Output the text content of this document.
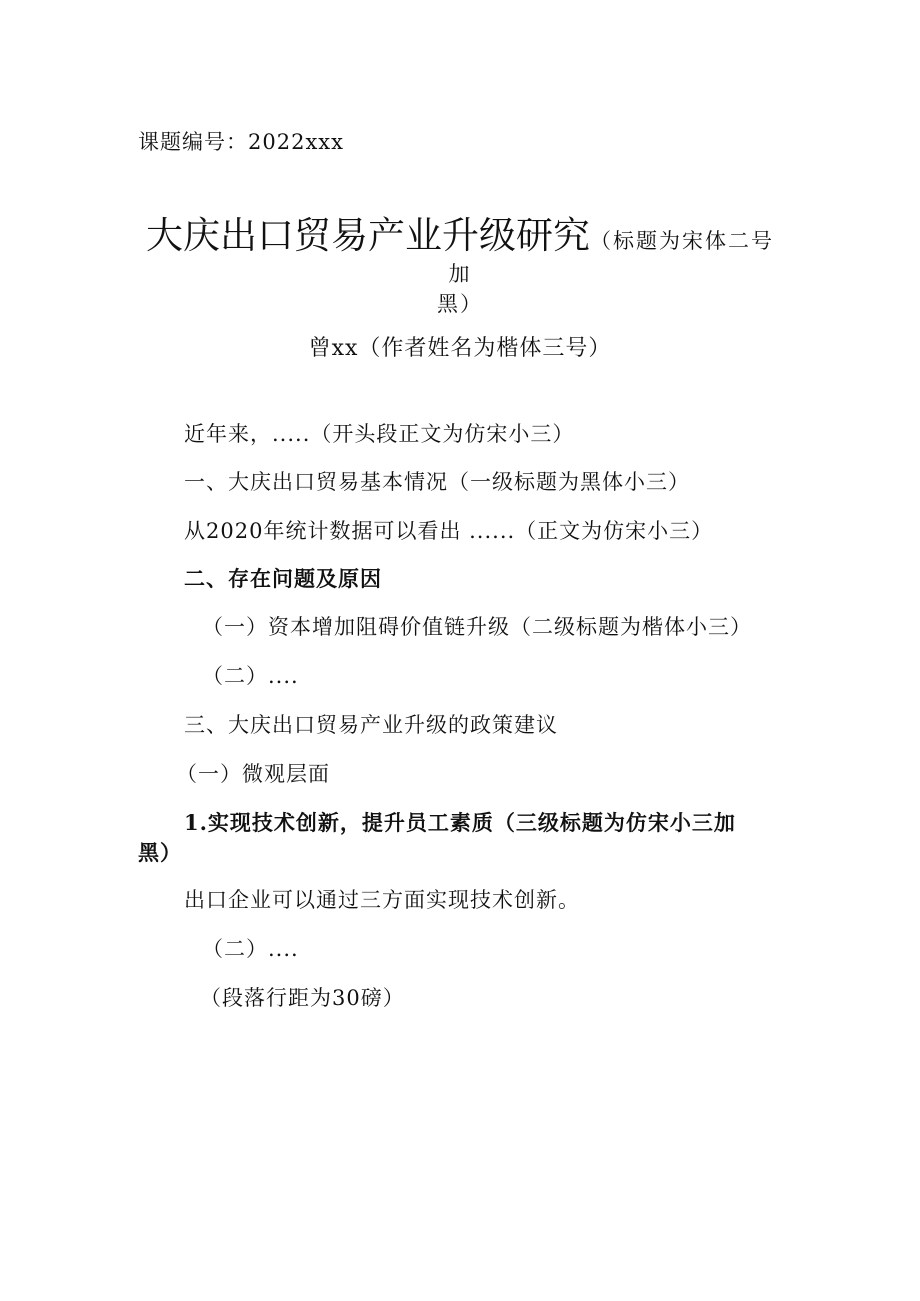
课题编号：2022xxx
大庆出口贸易产业升级研究（标题为宋体二号加
黑）
曾xx（作者姓名为楷体三号）
近年来，.....（开头段正文为仿宋小三）
一、大庆出口贸易基本情况（一级标题为黑体小三）
从2020年统计数据可以看出 ......（正文为仿宋小三）
二、存在问题及原因
（一）资本增加阻碍价值链升级（二级标题为楷体小三）
（二）....
三、大庆出口贸易产业升级的政策建议
（一）微观层面
1.实现技术创新，提升员工素质（三级标题为仿宋小三加
黑）
出口企业可以通过三方面实现技术创新。
（二）....
（段落行距为30磅）
